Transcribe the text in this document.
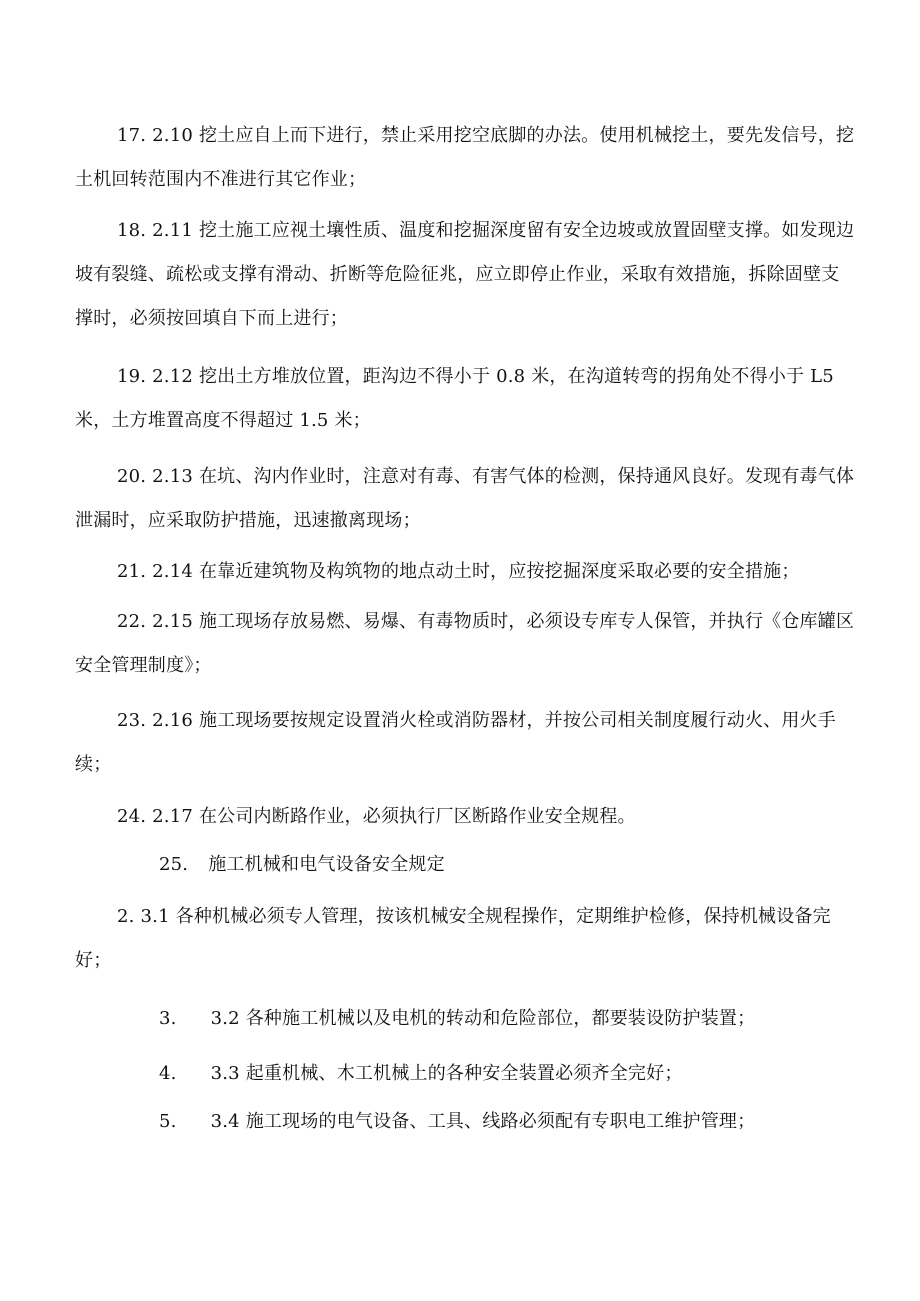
17. 2.10 挖土应自上而下进行，禁止采用挖空底脚的办法。使用机械挖土，要先发信号，挖土机回转范围内不准进行其它作业；

18. 2.11 挖土施工应视土壤性质、温度和挖掘深度留有安全边坡或放置固壁支撑。如发现边坡有裂缝、疏松或支撑有滑动、折断等危险征兆，应立即停止作业，采取有效措施，拆除固壁支撑时，必须按回填自下而上进行；

19. 2.12 挖出土方堆放位置，距沟边不得小于 0.8 米，在沟道转弯的拐角处不得小于 L5 米，土方堆置高度不得超过 1.5 米；

20. 2.13 在坑、沟内作业时，注意对有毒、有害气体的检测，保持通风良好。发现有毒气体泄漏时，应采取防护措施，迅速撤离现场；

21. 2.14 在靠近建筑物及构筑物的地点动土时，应按挖掘深度采取必要的安全措施；

22. 2.15 施工现场存放易燃、易爆、有毒物质时，必须设专库专人保管，并执行《仓库罐区安全管理制度》；

23. 2.16 施工现场要按规定设置消火栓或消防器材，并按公司相关制度履行动火、用火手续；

24. 2.17 在公司内断路作业，必须执行厂区断路作业安全规程。

25. 施工机械和电气设备安全规定

2. 3.1 各种机械必须专人管理，按该机械安全规程操作，定期维护检修，保持机械设备完好；

3. 3.2 各种施工机械以及电机的转动和危险部位，都要装设防护装置；

4. 3.3 起重机械、木工机械上的各种安全装置必须齐全完好；

5. 3.4 施工现场的电气设备、工具、线路必须配有专职电工维护管理；
